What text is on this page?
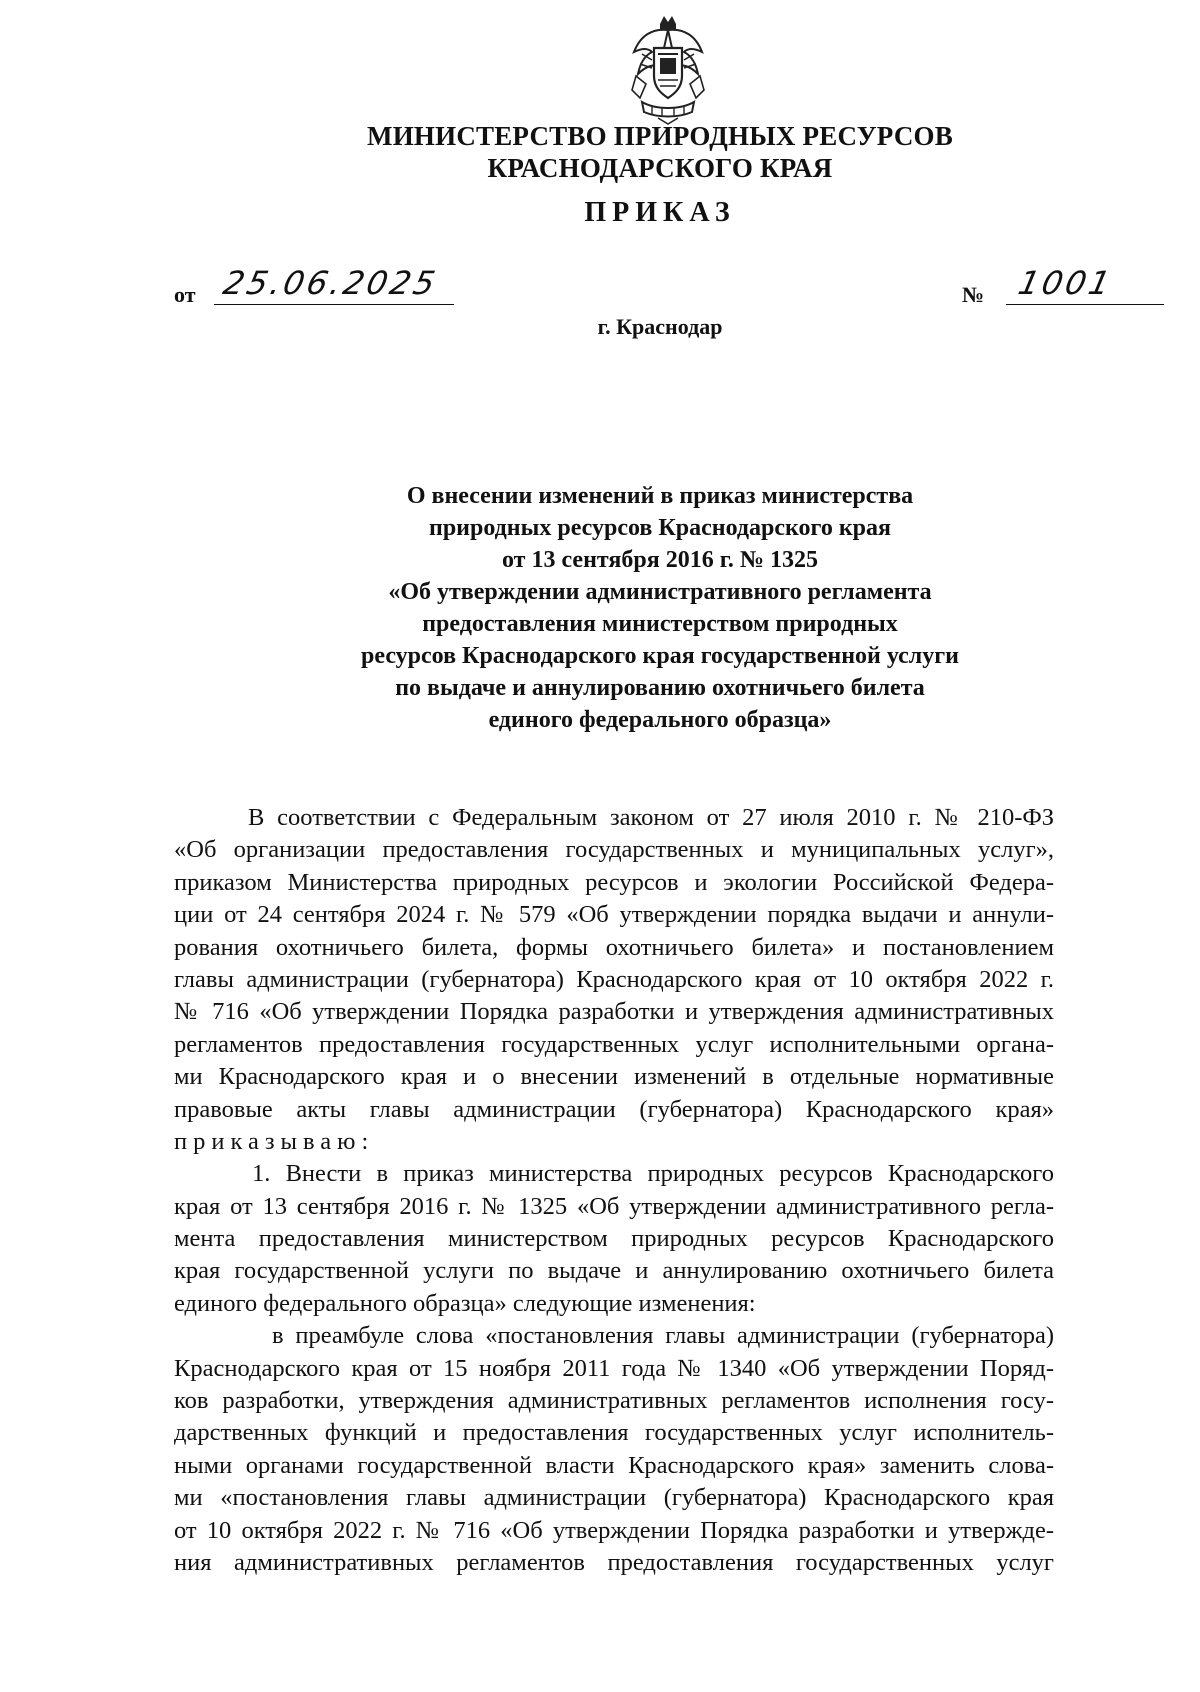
МИНИСТЕРСТВО ПРИРОДНЫХ РЕСУРСОВ
КРАСНОДАРСКОГО КРАЯ
ПРИКАЗ
от 25.06.2025	№ 1001
г. Краснодар
О внесении изменений в приказ министерства
природных ресурсов Краснодарского края
от 13 сентября 2016 г. № 1325
«Об утверждении административного регламента
предоставления министерством природных
ресурсов Краснодарского края государственной услуги
по выдаче и аннулированию охотничьего билета
единого федерального образца»
В соответствии с Федеральным законом от 27 июля 2010 г. № 210-ФЗ
«Об организации предоставления государственных и муниципальных услуг»,
приказом Министерства природных ресурсов и экологии Российской Федера-
ции от 24 сентября 2024 г. № 579 «Об утверждении порядка выдачи и аннули-
рования охотничьего билета, формы охотничьего билета» и постановлением
главы администрации (губернатора) Краснодарского края от 10 октября 2022 г.
№ 716 «Об утверждении Порядка разработки и утверждения административных
регламентов предоставления государственных услуг исполнительными органа-
ми Краснодарского края и о внесении изменений в отдельные нормативные
правовые акты главы администрации (губернатора) Краснодарского края»
приказываю:
1. Внести в приказ министерства природных ресурсов Краснодарского
края от 13 сентября 2016 г. № 1325 «Об утверждении административного регла-
мента предоставления министерством природных ресурсов Краснодарского
края государственной услуги по выдаче и аннулированию охотничьего билета
единого федерального образца» следующие изменения:
в преамбуле слова «постановления главы администрации (губернатора)
Краснодарского края от 15 ноября 2011 года № 1340 «Об утверждении Поряд-
ков разработки, утверждения административных регламентов исполнения госу-
дарственных функций и предоставления государственных услуг исполнитель-
ными органами государственной власти Краснодарского края» заменить слова-
ми «постановления главы администрации (губернатора) Краснодарского края
от 10 октября 2022 г. № 716 «Об утверждении Порядка разработки и утвержде-
ния административных регламентов предоставления государственных услуг
